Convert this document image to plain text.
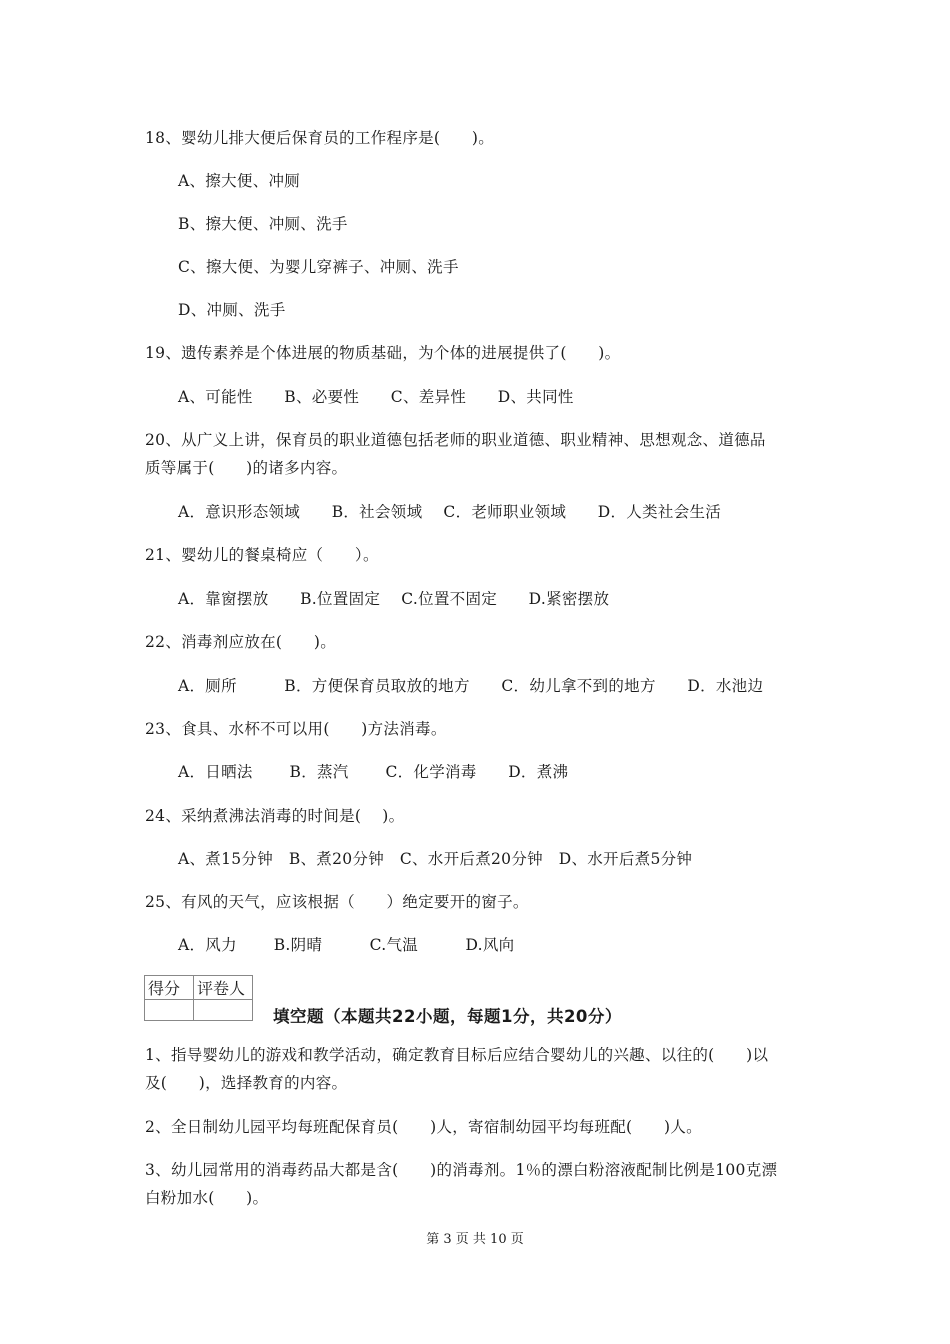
18、婴幼儿排大便后保育员的工作程序是(　　)。
A、擦大便、冲厕
B、擦大便、冲厕、洗手
C、擦大便、为婴儿穿裤子、冲厕、洗手
D、冲厕、洗手
19、遗传素养是个体进展的物质基础，为个体的进展提供了(　　)。
A、可能性　　B、必要性　　C、差异性　　D、共同性
20、从广义上讲，保育员的职业道德包括老师的职业道德、职业精神、思想观念、道德品
质等属于(　　)的诸多内容。
A．意识形态领域　　B．社会领域　 C．老师职业领域　　D．人类社会生活
21、婴幼儿的餐桌椅应（　　）。
A．靠窗摆放　　B.位置固定　 C.位置不固定　　D.紧密摆放
22、消毒剂应放在(　　)。
A．厕所　　　B．方便保育员取放的地方　　C．幼儿拿不到的地方　　D．水池边
23、食具、水杯不可以用(　　)方法消毒。
A．日晒法　　 B．蒸汽　　 C．化学消毒　　D．煮沸
24、采纳煮沸法消毒的时间是(　 )。
A、煮15分钟　B、煮20分钟　C、水开后煮20分钟　D、水开后煮5分钟
25、有风的天气，应该根据（　　）绝定要开的窗子。
A．风力　　 B.阴晴　　　C.气温　　　D.风向
得分	评卷人

填空题（本题共22小题，每题1分，共20分）
1、指导婴幼儿的游戏和教学活动，确定教育目标后应结合婴幼儿的兴趣、以往的(　　)以
及(　　)，选择教育的内容。
2、全日制幼儿园平均每班配保育员(　　)人，寄宿制幼园平均每班配(　　)人。
3、幼儿园常用的消毒药品大都是含(　　)的消毒剂。1％的漂白粉溶液配制比例是100克漂
白粉加水(　　)。
第 3 页 共 10 页
